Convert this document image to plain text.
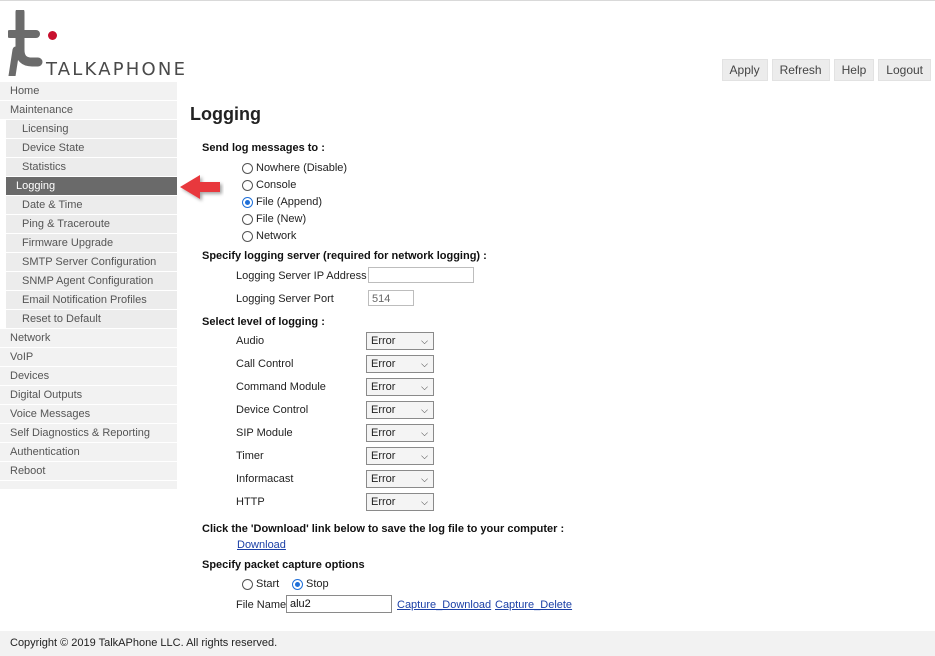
TALKAPHONE	Apply	Refresh	Help	Logout
Home
Maintenance
Licensing
Device State
Statistics
Logging
Date & Time
Ping & Traceroute
Firmware Upgrade
SMTP Server Configuration
SNMP Agent Configuration
Email Notification Profiles
Reset to Default
Network
VoIP
Devices
Digital Outputs
Voice Messages
Self Diagnostics & Reporting
Authentication
Reboot
Logging
Send log messages to :
Nowhere (Disable)
Console
File (Append)
File (New)
Network
Specify logging server (required for network logging) :
Logging Server IP Address
Logging Server Port	514
Select level of logging :
Audio	Error	⌵
Call Control	Error	⌵
Command Module	Error	⌵
Device Control	Error	⌵
SIP Module	Error	⌵
Timer	Error	⌵
Informacast	Error	⌵
HTTP	Error	⌵
Click the 'Download' link below to save the log file to your computer :
Download
Specify packet capture options
Start Stop
File Name alu2	Capture_Download Capture_Delete
Copyright © 2019 TalkAPhone LLC. All rights reserved.
